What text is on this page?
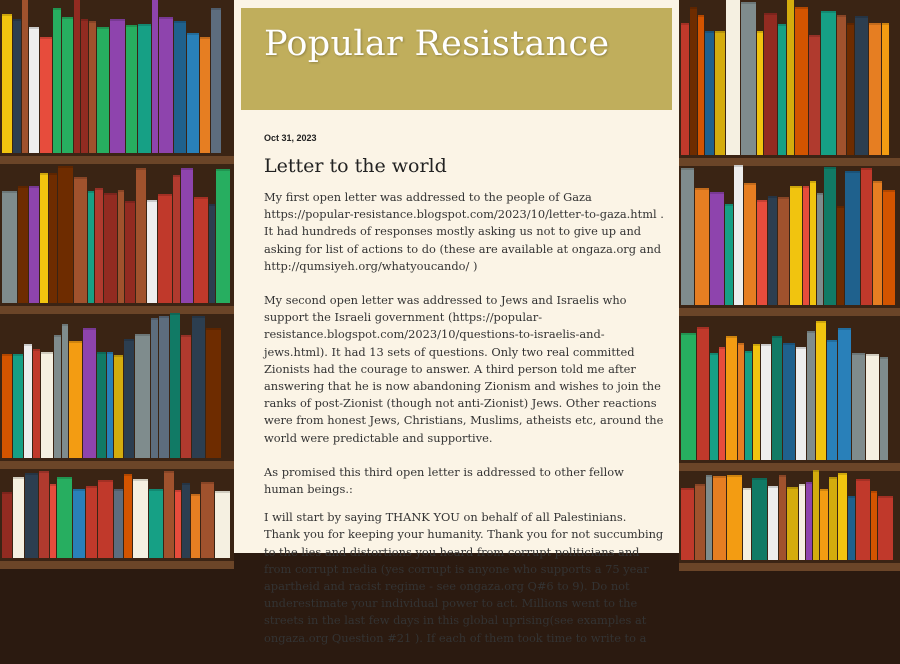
Popular Resistance
Oct 31, 2023
Letter to the world

My first open letter was addressed to the people of Gaza https://popular-resistance.blogspot.com/2023/10/letter-to-gaza.html . It had hundreds of responses mostly asking us not to give up and asking for list of actions to do (these are available at ongaza.org and http://qumsiyeh.org/whatyoucando/ )

My second open letter was addressed to Jews and Israelis who support the Israeli government (https://popular-resistance.blogspot.com/2023/10/questions-to-israelis-and-jews.html). It had 13 sets of questions. Only two real committed Zionists had the courage to answer. A third person told me after answering that he is now abandoning Zionism and wishes to join the ranks of post-Zionist (though not anti-Zionist) Jews. Other reactions were from honest Jews, Christians, Muslims, atheists etc, around the world were predictable and supportive.

As promised this third open letter is addressed to other fellow human beings.:

I will start by saying THANK YOU on behalf of all Palestinians. Thank you for keeping your humanity. Thank you for not succumbing to the lies and distortions you heard from corrupt politicians and from corrupt media (yes corrupt is anyone who supports a 75 year apartheid and racist regime - see ongaza.org Q#6 to 9). Do not underestimate your individual power to act. Millions went to the streets in the last few days in this global uprising(see examples at ongaza.org Question #21 ). If each of them took time to write to a
